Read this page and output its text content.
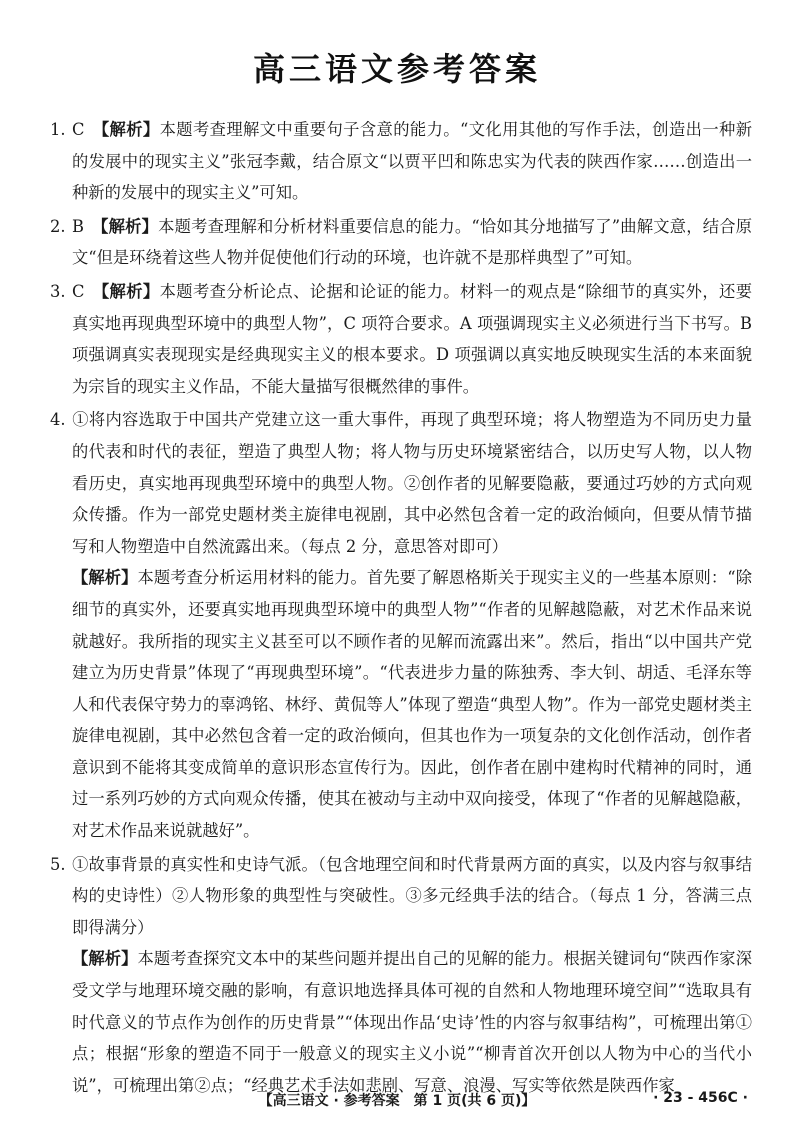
高三语文参考答案

1. C 【解析】本题考查理解文中重要句子含意的能力。“文化用其他的写作手法，创造出一种新的发展中的现实主义”张冠李戴，结合原文“以贾平凹和陈忠实为代表的陕西作家……创造出一种新的发展中的现实主义”可知。

2. B 【解析】本题考查理解和分析材料重要信息的能力。“恰如其分地描写了”曲解文意，结合原文“但是环绕着这些人物并促使他们行动的环境，也许就不是那样典型了”可知。

3. C 【解析】本题考查分析论点、论据和论证的能力。材料一的观点是“除细节的真实外，还要真实地再现典型环境中的典型人物”，C 项符合要求。A 项强调现实主义必须进行当下书写。B 项强调真实表现现实是经典现实主义的根本要求。D 项强调以真实地反映现实生活的本来面貌为宗旨的现实主义作品，不能大量描写很概然律的事件。

4. ①将内容选取于中国共产党建立这一重大事件，再现了典型环境；将人物塑造为不同历史力量的代表和时代的表征，塑造了典型人物；将人物与历史环境紧密结合，以历史写人物，以人物看历史，真实地再现典型环境中的典型人物。②创作者的见解要隐蔽，要通过巧妙的方式向观众传播。作为一部党史题材类主旋律电视剧，其中必然包含着一定的政治倾向，但要从情节描写和人物塑造中自然流露出来。（每点 2 分，意思答对即可）

【解析】本题考查分析运用材料的能力。首先要了解恩格斯关于现实主义的一些基本原则：“除细节的真实外，还要真实地再现典型环境中的典型人物”“作者的见解越隐蔽，对艺术作品来说就越好。我所指的现实主义甚至可以不顾作者的见解而流露出来”。然后，指出“以中国共产党建立为历史背景”体现了“再现典型环境”。“代表进步力量的陈独秀、李大钊、胡适、毛泽东等人和代表保守势力的辜鸿铭、林纾、黄侃等人”体现了塑造“典型人物”。作为一部党史题材类主旋律电视剧，其中必然包含着一定的政治倾向，但其也作为一项复杂的文化创作活动，创作者意识到不能将其变成简单的意识形态宣传行为。因此，创作者在剧中建构时代精神的同时，通过一系列巧妙的方式向观众传播，使其在被动与主动中双向接受，体现了“作者的见解越隐蔽，对艺术作品来说就越好”。

5. ①故事背景的真实性和史诗气派。（包含地理空间和时代背景两方面的真实，以及内容与叙事结构的史诗性）②人物形象的典型性与突破性。③多元经典手法的结合。（每点 1 分，答满三点即得满分）

【解析】本题考查探究文本中的某些问题并提出自己的见解的能力。根据关键词句“陕西作家深受文学与地理环境交融的影响，有意识地选择具体可视的自然和人物地理环境空间”“选取具有时代意义的节点作为创作的历史背景”“体现出作品‘史诗’性的内容与叙事结构”，可梳理出第①点；根据“形象的塑造不同于一般意义的现实主义小说”“柳青首次开创以人物为中心的当代小说”，可梳理出第②点；“经典艺术手法如悲剧、写意、浪漫、写实等依然是陕西作家

【高三语文 · 参考答案　第 1 页(共 6 页)】	· 23 - 456C ·
